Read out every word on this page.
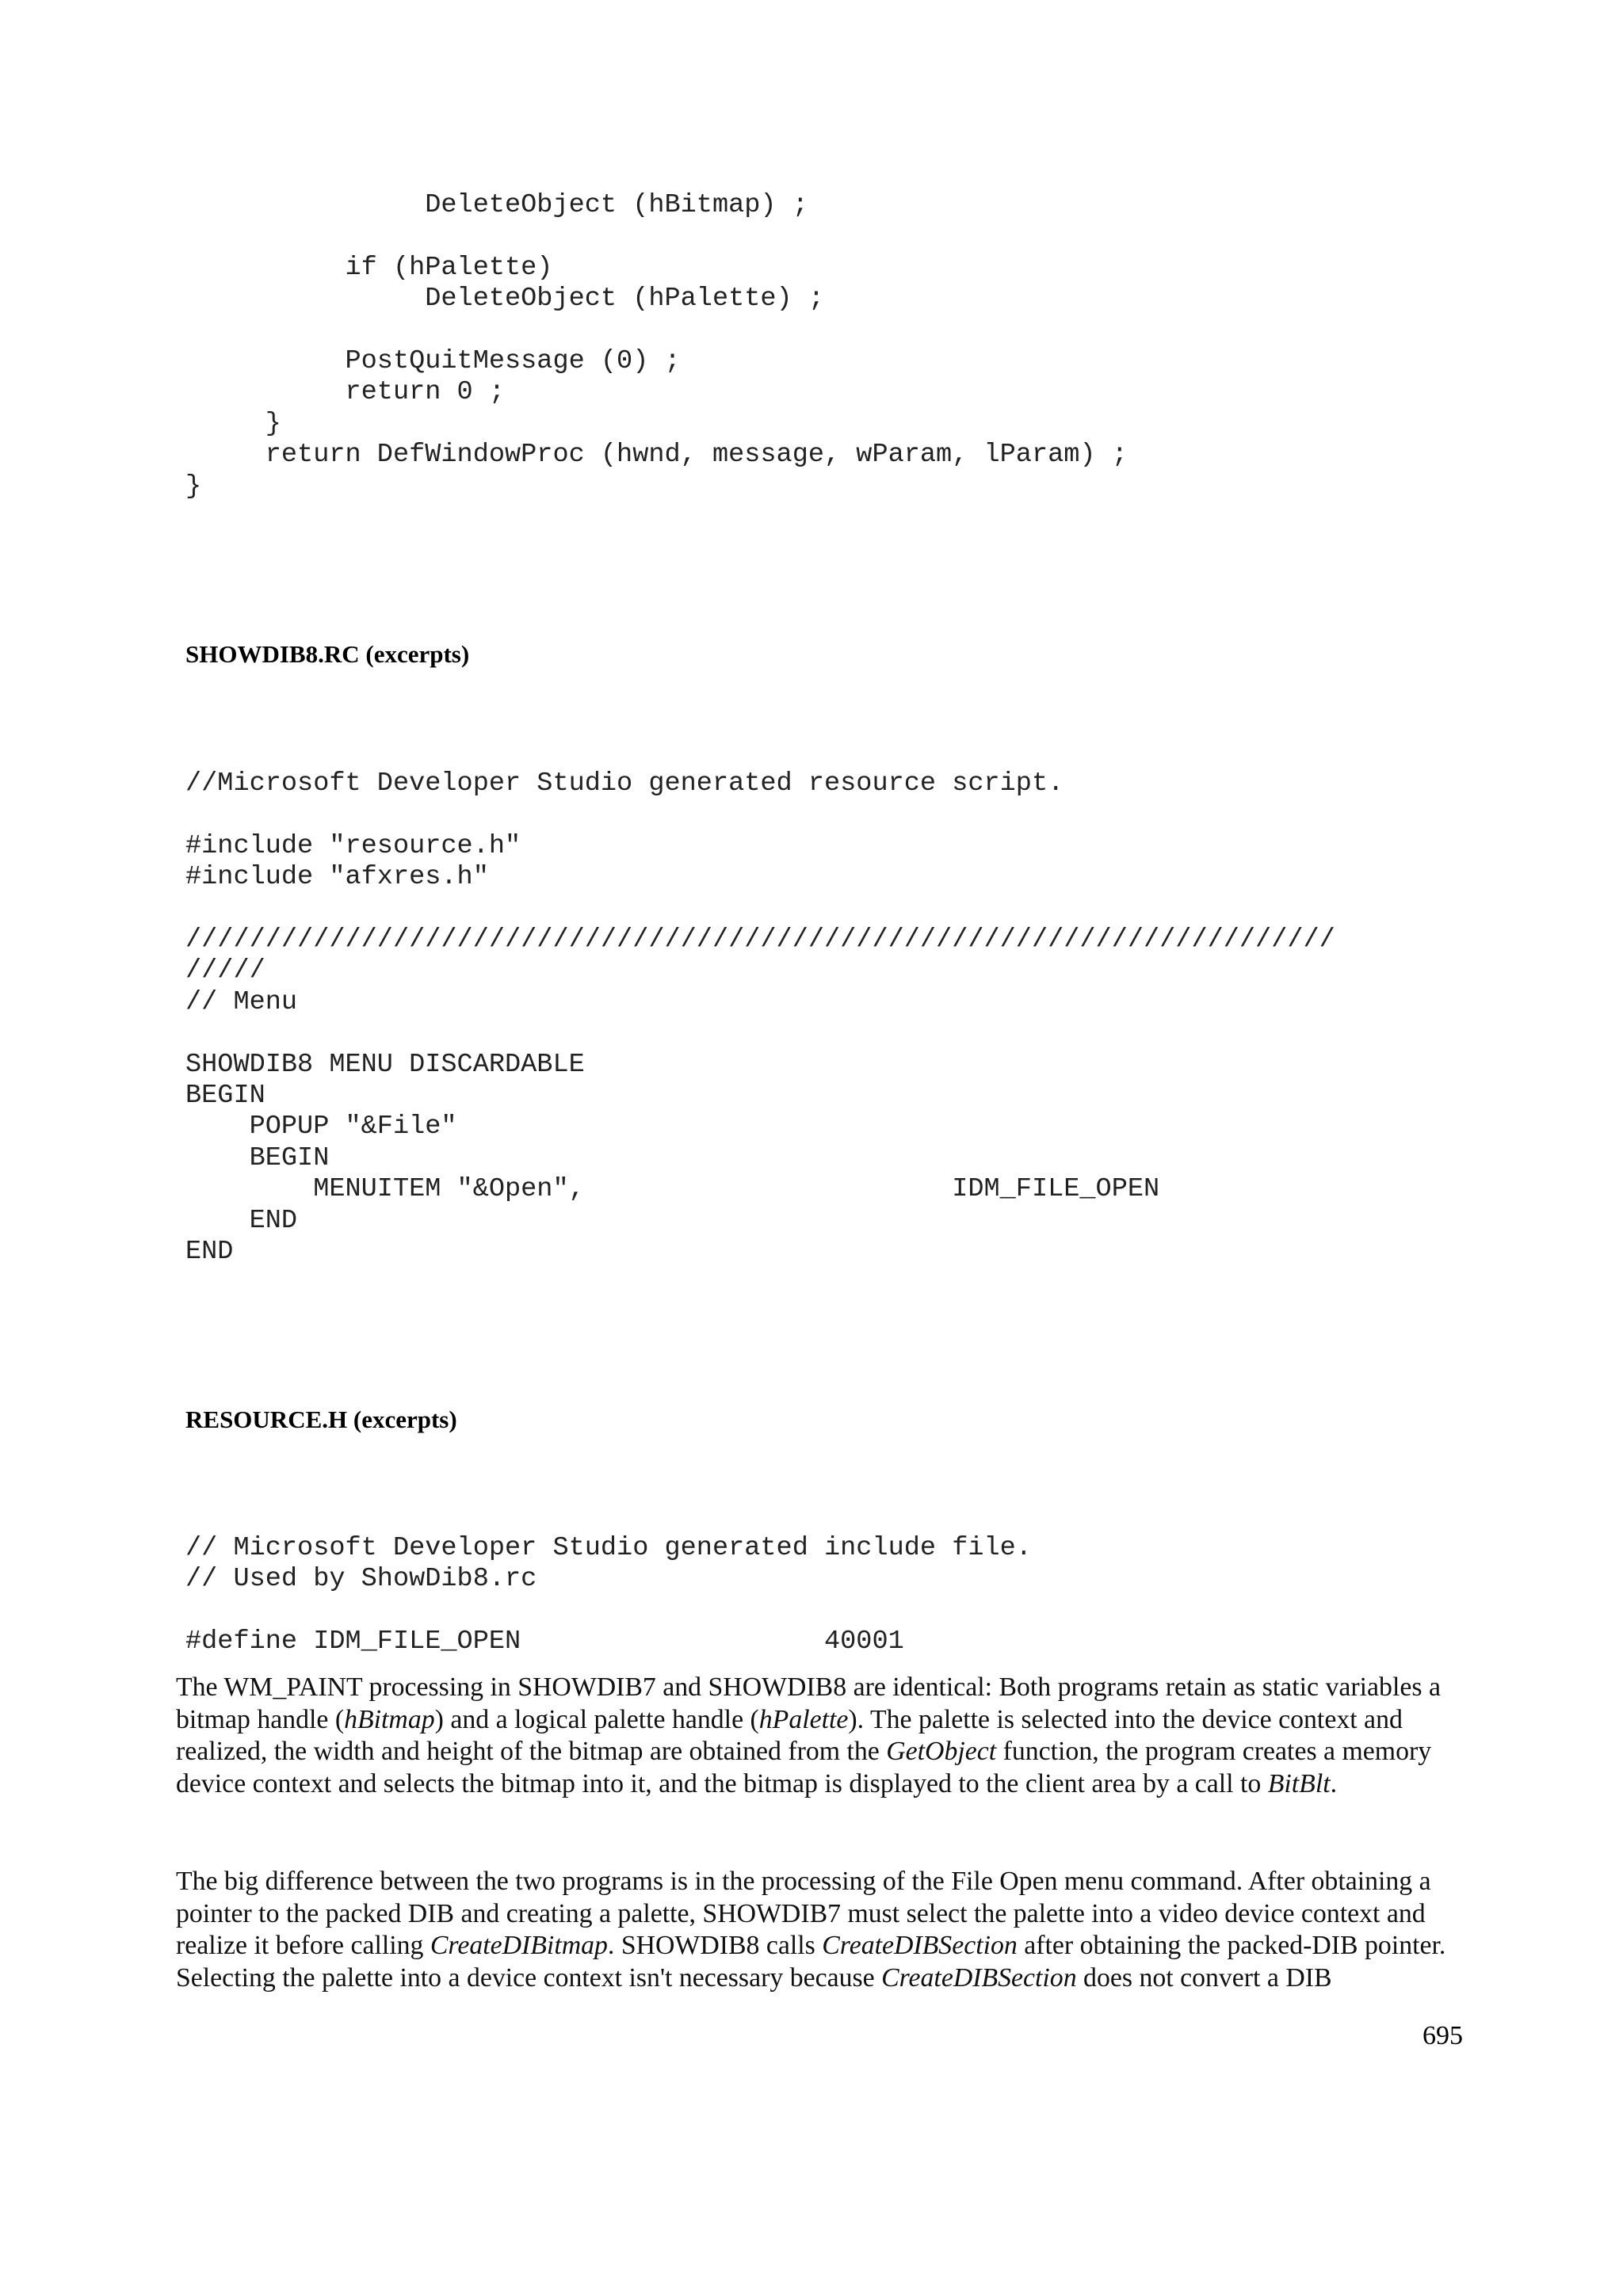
DeleteObject (hBitmap) ;

if (hPalette)
DeleteObject (hPalette) ;

PostQuitMessage (0) ;
return 0 ;
}
return DefWindowProc (hwnd, message, wParam, lParam) ;
}
SHOWDIB8.RC (excerpts)
//Microsoft Developer Studio generated resource script.

#include "resource.h"
#include "afxres.h"

////////////////////////////////////////////////////////////////////////
/////
// Menu

SHOWDIB8 MENU DISCARDABLE
BEGIN
POPUP "&File"
BEGIN
MENUITEM "&Open",                       IDM_FILE_OPEN
END
END
RESOURCE.H (excerpts)
// Microsoft Developer Studio generated include file.
// Used by ShowDib8.rc

#define IDM_FILE_OPEN                   40001

The WM_PAINT processing in SHOWDIB7 and SHOWDIB8 are identical: Both programs retain as static variables a bitmap handle (hBitmap) and a logical palette handle (hPalette). The palette is selected into the device context and realized, the width and height of the bitmap are obtained from the GetObject function, the program creates a memory device context and selects the bitmap into it, and the bitmap is displayed to the client area by a call to BitBlt.

The big difference between the two programs is in the processing of the File Open menu command. After obtaining a pointer to the packed DIB and creating a palette, SHOWDIB7 must select the palette into a video device context and realize it before calling CreateDIBitmap. SHOWDIB8 calls CreateDIBSection after obtaining the packed-DIB pointer. Selecting the palette into a device context isn't necessary because CreateDIBSection does not convert a DIB

695
